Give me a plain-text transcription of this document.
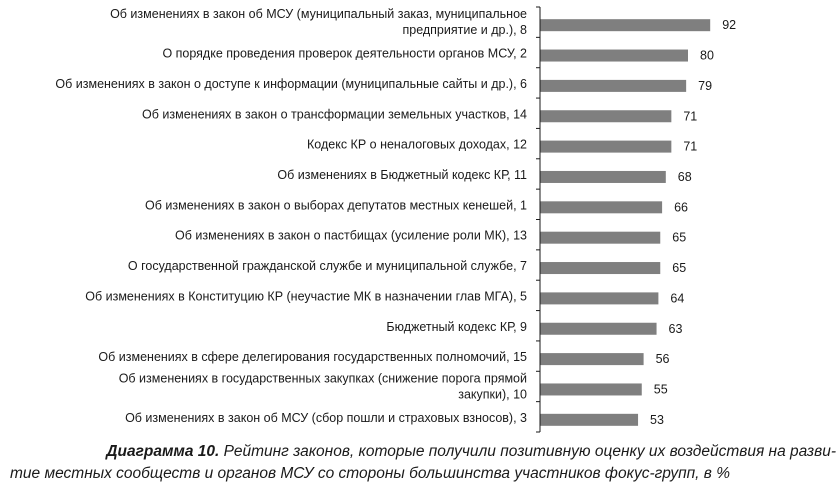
Об изменениях в закон об МСУ (муниципальный заказ, муниципальное предприятие и др.), 8
О порядке проведения проверок деятельности органов МСУ, 2
Об изменениях в закон о доступе к информации (муниципальные сайты и др.), 6
Об изменениях в закон о трансформации земельных участков, 14
Кодекс КР о неналоговых доходах, 12
Об изменениях в Бюджетный кодекс КР, 11
Об изменениях в закон о выборах депутатов местных кенешей, 1
Об изменениях в закон о пастбищах (усиление роли МК), 13
О государственной гражданской службе и муниципальной службе, 7
Об изменениях в Конституцию КР (неучастие МК в назначении глав МГА), 5
Бюджетный кодекс КР, 9
Об изменениях в сфере делегирования государственных полномочий, 15
Об изменениях в государственных закупках (снижение порога прямой закупки), 10
Об изменениях в закон об МСУ (сбор пошли и страховых взносов), 3
92
80
79
71
71
68
66
65
65
64
63
56
55
53
Диаграмма 10. Рейтинг законов, которые получили позитивную оценку их воздействия на разви-
тие местных сообществ и органов МСУ со стороны большинства участников фокус-групп, в %
